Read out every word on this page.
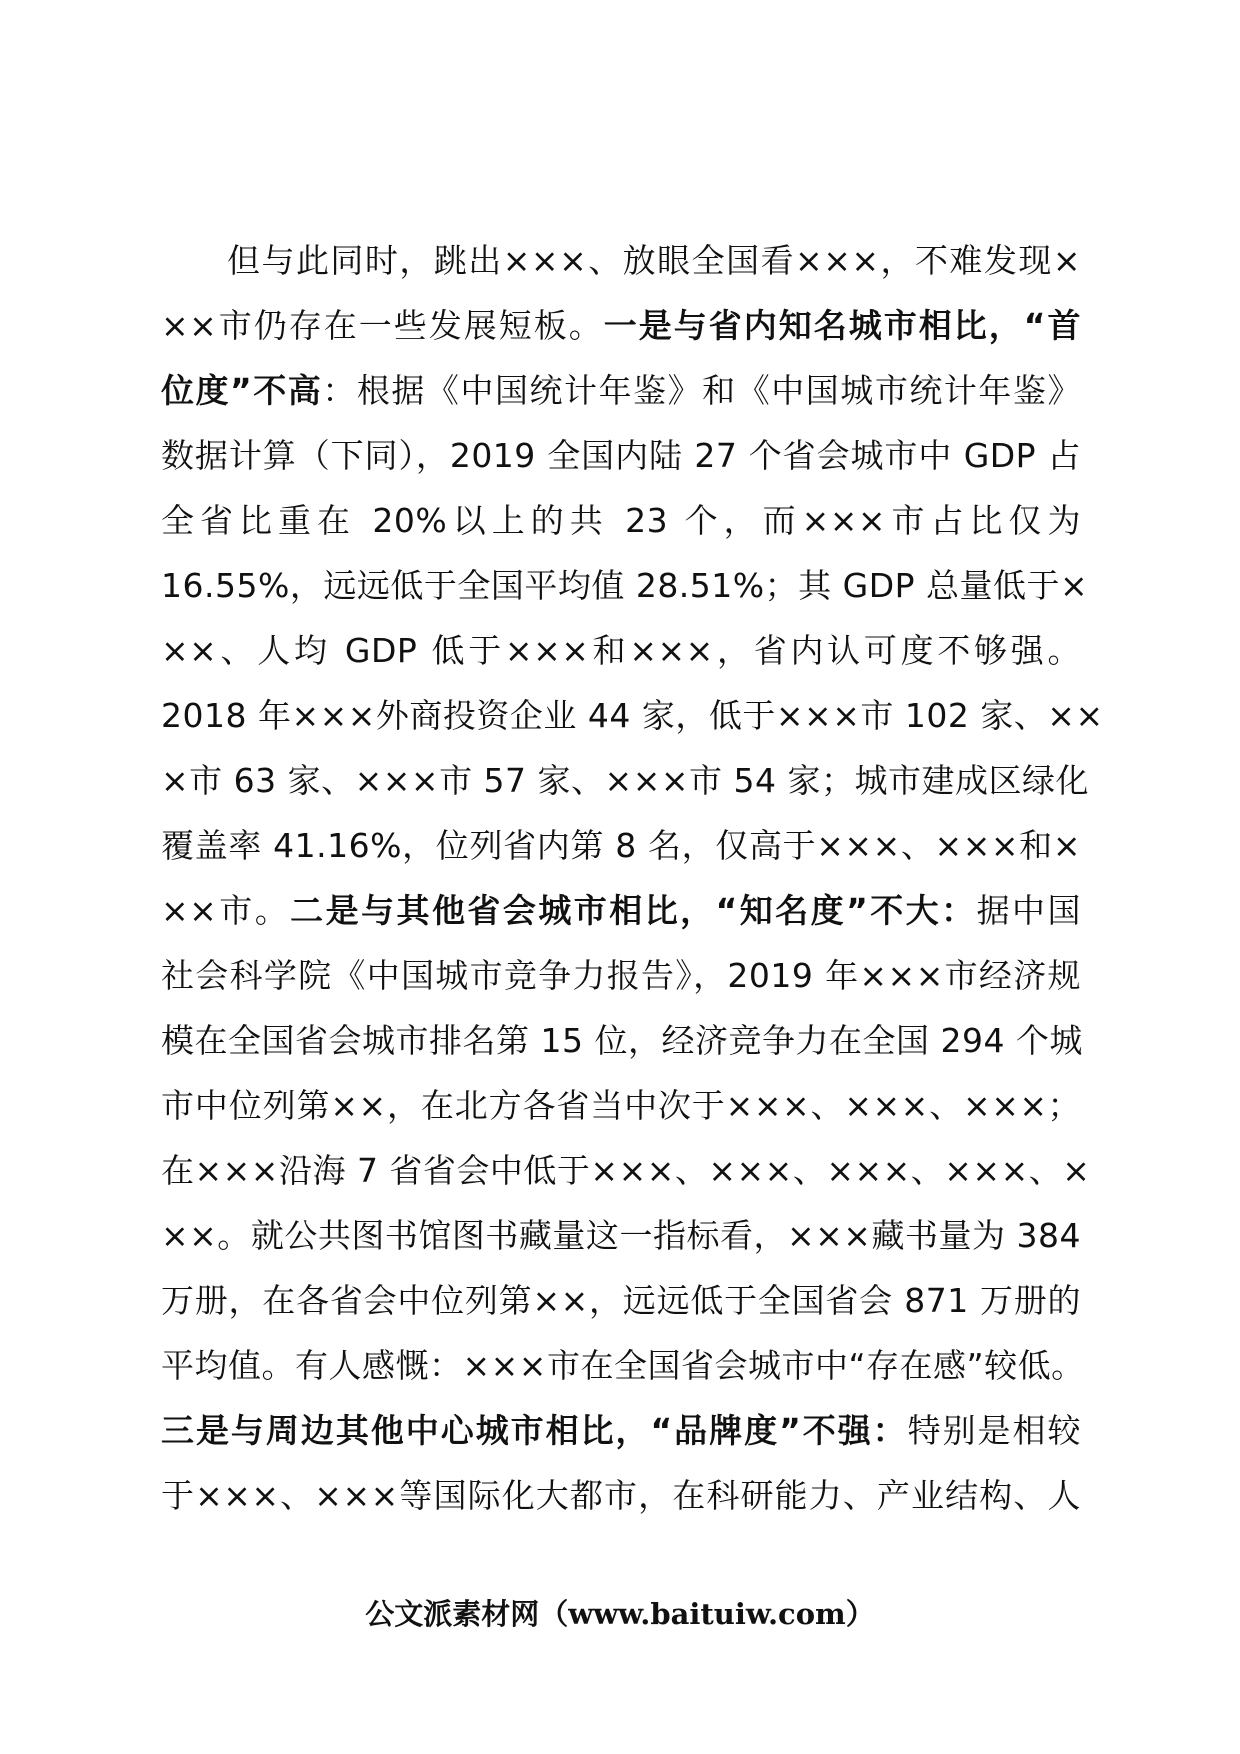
但与此同时，跳出×××、放眼全国看×××，不难发现×
××市仍存在一些发展短板。一是与省内知名城市相比，“首
位度”不高：根据《中国统计年鉴》和《中国城市统计年鉴》
数据计算（下同），2019 全国内陆 27 个省会城市中 GDP 占
全省比重在 20%以上的共 23 个，而×××市占比仅为
16.55%，远远低于全国平均值 28.51%；其 GDP 总量低于×
××、人均 GDP 低于×××和×××，省内认可度不够强。
2018 年×××外商投资企业 44 家，低于×××市 102 家、××
×市 63 家、×××市 57 家、×××市 54 家；城市建成区绿化
覆盖率 41.16%，位列省内第 8 名，仅高于×××、×××和×
××市。二是与其他省会城市相比，“知名度”不大：据中国
社会科学院《中国城市竞争力报告》，2019 年×××市经济规
模在全国省会城市排名第 15 位，经济竞争力在全国 294 个城
市中位列第××，在北方各省当中次于×××、×××、×××；
在×××沿海 7 省省会中低于×××、×××、×××、×××、×
××。就公共图书馆图书藏量这一指标看，×××藏书量为 384
万册，在各省会中位列第××，远远低于全国省会 871 万册的
平均值。有人感慨：×××市在全国省会城市中“存在感”较低。
三是与周边其他中心城市相比，“品牌度”不强：特别是相较
于×××、×××等国际化大都市，在科研能力、产业结构、人
公文派素材网（www.baituiw.com）
